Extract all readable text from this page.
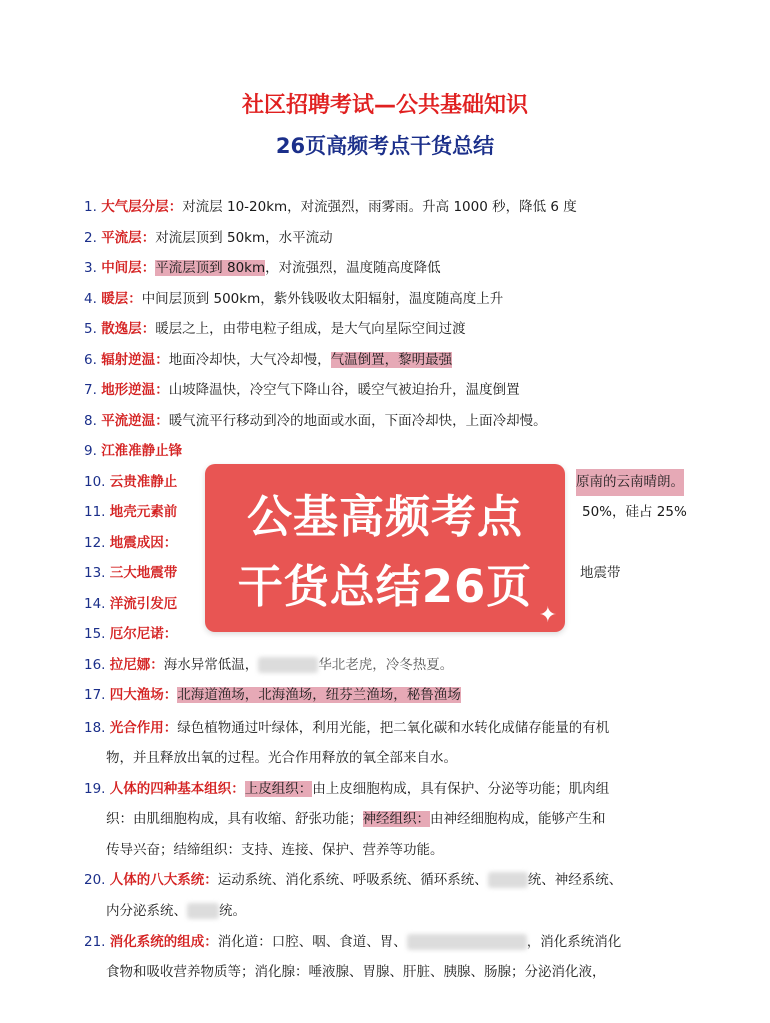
社区招聘考试—公共基础知识
26页高频考点干货总结
1. 大气层分层：对流层 10-20km，对流强烈，雨雾雨。升高 1000 秒，降低 6 度
2. 平流层：对流层顶到 50km，水平流动
3. 中间层：平流层顶到 80km，对流强烈，温度随高度降低
4. 暖层：中间层顶到 500km，紫外钱吸收太阳辐射，温度随高度上升
5. 散逸层：暖层之上，由带电粒子组成，是大气向星际空间过渡
6. 辐射逆温：地面冷却快，大气冷却慢，气温倒置，黎明最强
7. 地形逆温：山坡降温快，冷空气下降山谷，暖空气被迫抬升，温度倒置
8. 平流逆温：暖气流平行移动到冷的地面或水面，下面冷却快，上面冷却慢。
9. 江淮准静止锋
10. 云贵准静止	原南的云南晴朗。
11. 地壳元素前	50%，硅占 25%
12. 地震成因：
13. 三大地震带	地震带
14. 洋流引发厄
15. 厄尔尼诺：
16. 拉尼娜：海水异常低温，	华北老虎，冷冬热夏。
17. 四大渔场：北海道渔场，北海渔场，纽芬兰渔场，秘鲁渔场
18. 光合作用：绿色植物通过叶绿体，利用光能，把二氧化碳和水转化成储存能量的有机
物，并且释放出氧的过程。光合作用释放的氧全部来自水。
19. 人体的四种基本组织：上皮组织：由上皮细胞构成，具有保护、分泌等功能；肌肉组
织：由肌细胞构成，具有收缩、舒张功能；神经组织：由神经细胞构成，能够产生和
传导兴奋；结缔组织：支持、连接、保护、营养等功能。
20. 人体的八大系统：运动系统、消化系统、呼吸系统、循环系统、	统、神经系统、
内分泌系统、 统。
21. 消化系统的组成：消化道：口腔、咽、食道、胃、	，消化系统消化
食物和吸收营养物质等；消化腺：唾液腺、胃腺、肝脏、胰腺、肠腺；分泌消化液，
公基高频考点
干货总结26页
✦
